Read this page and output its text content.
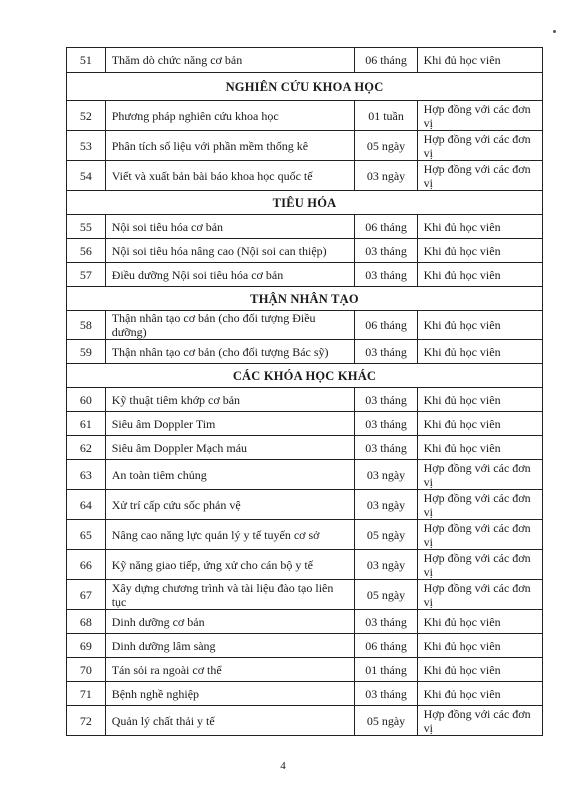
51	Thăm dò chức năng cơ bản	06 tháng	Khi đủ học viên
NGHIÊN CỨU KHOA HỌC			
52	Phương pháp nghiên cứu khoa học	01 tuần	Hợp đồng với các đơn vị
53	Phân tích số liệu với phần mềm thống kê	05 ngày	Hợp đồng với các đơn vị
54	Viết và xuất bản bài báo khoa học quốc tế	03 ngày	Hợp đồng với các đơn vị
TIÊU HÓA			
55	Nội soi tiêu hóa cơ bản	06 tháng	Khi đủ học viên
56	Nội soi tiêu hóa nâng cao (Nội soi can thiệp)	03 tháng	Khi đủ học viên
57	Điều dưỡng Nội soi tiêu hóa cơ bản	03 tháng	Khi đủ học viên
THẬN NHÂN TẠO			
58	Thận nhân tạo cơ bản (cho đối tượng Điều dưỡng)	06 tháng	Khi đủ học viên
59	Thận nhân tạo cơ bản (cho đối tượng Bác sỹ)	03 tháng	Khi đủ học viên
CÁC KHÓA HỌC KHÁC			
60	Kỹ thuật tiêm khớp cơ bản	03 tháng	Khi đủ học viên
61	Siêu âm Doppler Tim	03 tháng	Khi đủ học viên
62	Siêu âm Doppler Mạch máu	03 tháng	Khi đủ học viên
63	An toàn tiêm chủng	03 ngày	Hợp đồng với các đơn vị
64	Xử trí cấp cứu sốc phản vệ	03 ngày	Hợp đồng với các đơn vị
65	Nâng cao năng lực quản lý y tế tuyến cơ sở	05 ngày	Hợp đồng với các đơn vị
66	Kỹ năng giao tiếp, ứng xử cho cán bộ y tế	03 ngày	Hợp đồng với các đơn vị
67	Xây dựng chương trình và tài liệu đào tạo liên tục	05 ngày	Hợp đồng với các đơn vị
68	Dinh dưỡng cơ bản	03 tháng	Khi đủ học viên
69	Dinh dưỡng lâm sàng	06 tháng	Khi đủ học viên
70	Tán sỏi ra ngoài cơ thể	01 tháng	Khi đủ học viên
71	Bệnh nghề nghiệp	03 tháng	Khi đủ học viên
72	Quản lý chất thải y tế	05 ngày	Hợp đồng với các đơn vị
4
